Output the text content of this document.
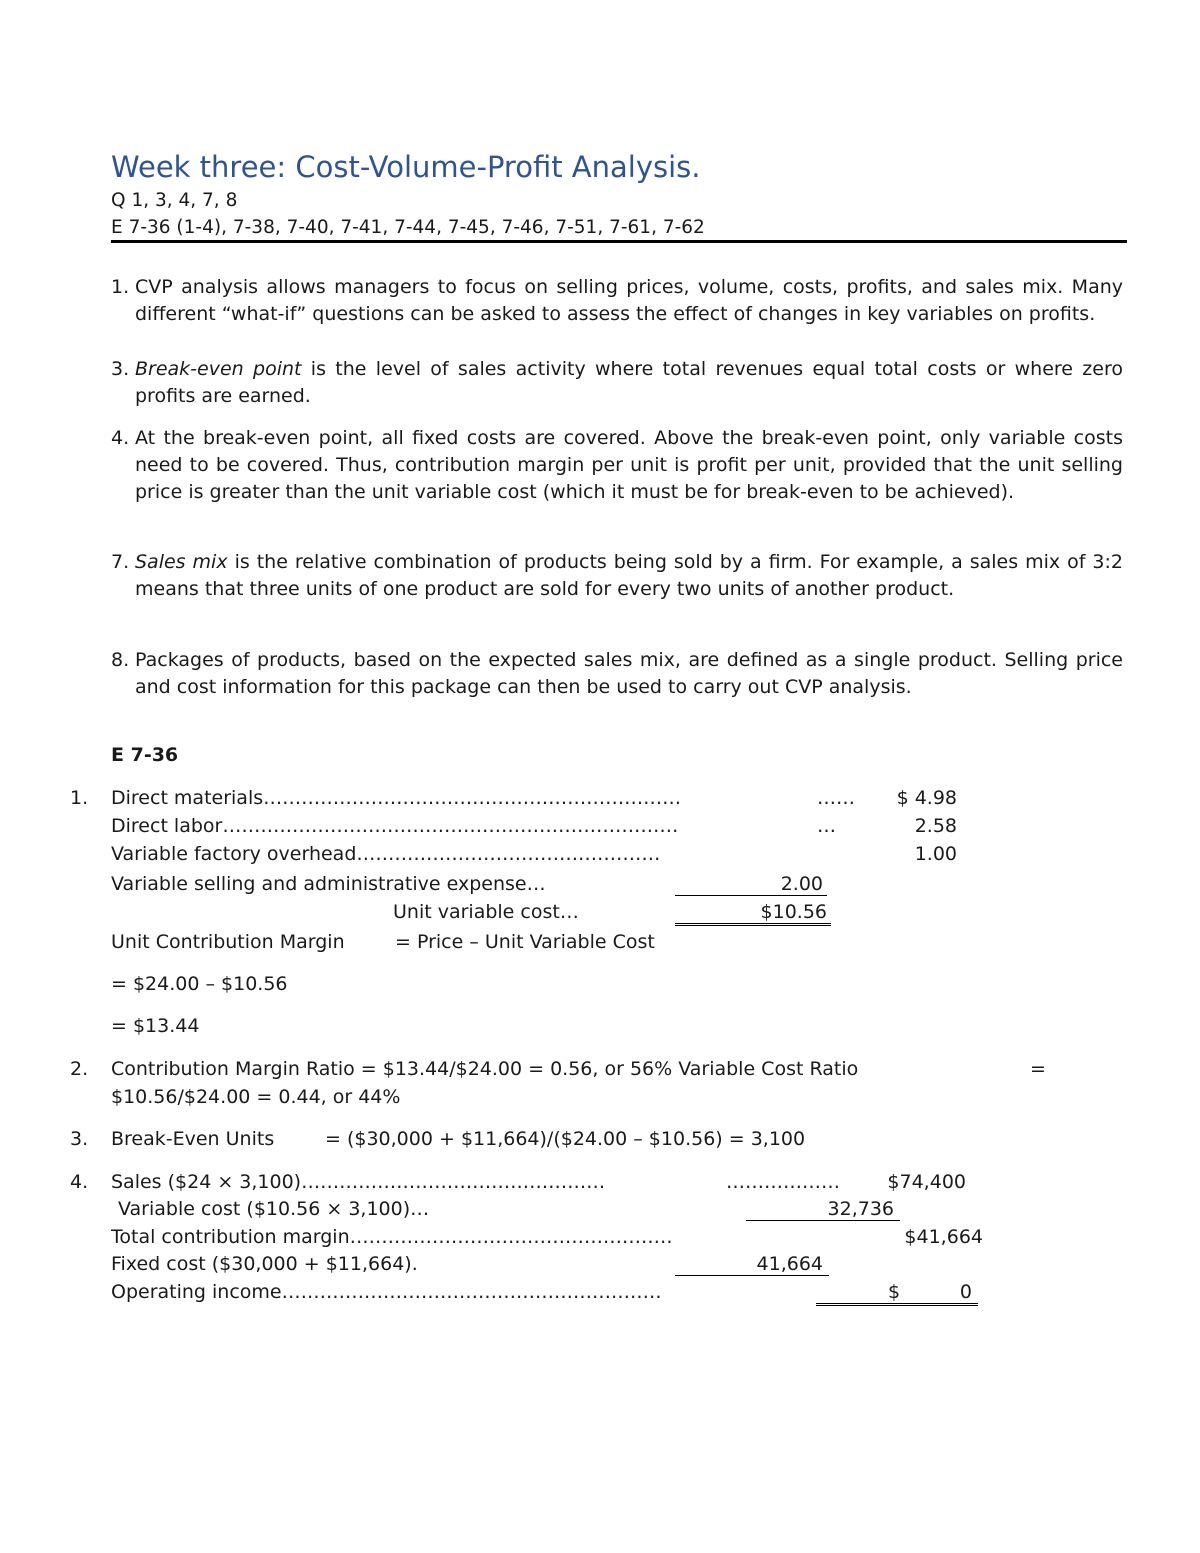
Week three: Cost-Volume-Profit Analysis.
Q 1, 3, 4, 7, 8
E 7-36 (1-4), 7-38, 7-40, 7-41, 7-44, 7-45, 7-46, 7-51, 7-61, 7-62
1. CVP analysis allows managers to focus on selling prices, volume, costs, profits, and sales mix. Many different “what-if” questions can be asked to assess the effect of changes in key variables on profits.
3. Break-even point is the level of sales activity where total revenues equal total costs or where zero profits are earned.
4. At the break-even point, all fixed costs are covered. Above the break-even point, only variable costs need to be covered. Thus, contribution margin per unit is profit per unit, provided that the unit selling price is greater than the unit variable cost (which it must be for break-even to be achieved).
7. Sales mix is the relative combination of products being sold by a firm. For example, a sales mix of 3:2 means that three units of one product are sold for every two units of another product.
8. Packages of products, based on the expected sales mix, are defined as a single product. Selling price and cost information for this package can then be used to carry out CVP analysis.
E 7-36
1. Direct materials…………………………………………………………	…… $ 4.98
Direct labor………………………………………………………………	…	2.58
Variable factory overhead…………………………………………	1.00
Variable selling and administrative expense…	2.00
Unit variable cost…	$10.56
Unit Contribution Margin	= Price – Unit Variable Cost
= $24.00 – $10.56
= $13.44
2. Contribution Margin Ratio = $13.44/$24.00 = 0.56, or 56% Variable Cost Ratio	=
$10.56/$24.00 = 0.44, or 44%
3. Break-Even Units	= ($30,000 + $11,664)/($24.00 – $10.56) = 3,100
4. Sales ($24 × 3,100)…………………………………………	……………… $74,400
Variable cost ($10.56 × 3,100)…	32,736
Total contribution margin……………………………………………	$41,664
Fixed cost ($30,000 + $11,664).	41,664
Operating income……………………………………………………	$	0
